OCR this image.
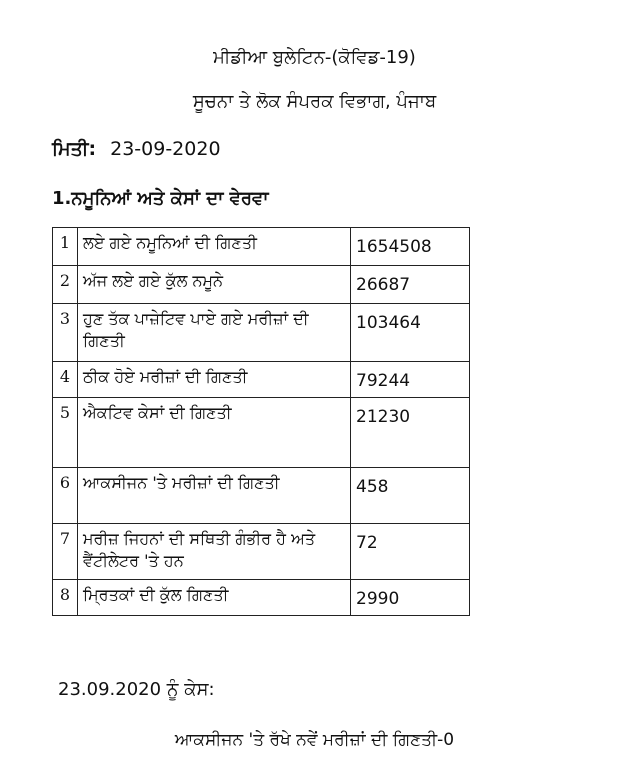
ਮੀਡੀਆ ਬੁਲੇਟਿਨ-(ਕੋਵਿਡ-19)
ਸੂਚਨਾ ਤੇ ਲੋਕ ਸੰਪਰਕ ਵਿਭਾਗ, ਪੰਜਾਬ
ਮਿਤੀ: 23-09-2020
1.ਨਮੂਨਿਆਂ ਅਤੇ ਕੇਸਾਂ ਦਾ ਵੇਰਵਾ
1	ਲਏ ਗਏ ਨਮੂਨਿਆਂ ਦੀ ਗਿਣਤੀ	1654508
2	ਅੱਜ ਲਏ ਗਏ ਕੁੱਲ ਨਮੂਨੇ	26687
3	ਹੁਣ ਤੱਕ ਪਾਜ਼ੇਟਿਵ ਪਾਏ ਗਏ ਮਰੀਜ਼ਾਂ ਦੀ ਗਿਣਤੀ	103464
4	ਠੀਕ ਹੋਏ ਮਰੀਜ਼ਾਂ ਦੀ ਗਿਣਤੀ	79244
5	ਐਕਟਿਵ ਕੇਸਾਂ ਦੀ ਗਿਣਤੀ	21230
6	ਆਕਸੀਜਨ 'ਤੇ ਮਰੀਜ਼ਾਂ ਦੀ ਗਿਣਤੀ	458
7	ਮਰੀਜ਼ ਜਿਹਨਾਂ ਦੀ ਸਥਿਤੀ ਗੰਭੀਰ ਹੈ ਅਤੇ ਵੈਂਟੀਲੇਟਰ 'ਤੇ ਹਨ	72
8	ਮ੍ਰਿਤਕਾਂ ਦੀ ਕੁੱਲ ਗਿਣਤੀ	2990
23.09.2020 ਨੂੰ ਕੇਸ:
ਆਕਸੀਜਨ 'ਤੇ ਰੱਖੇ ਨਵੇਂ ਮਰੀਜ਼ਾਂ ਦੀ ਗਿਣਤੀ-0
